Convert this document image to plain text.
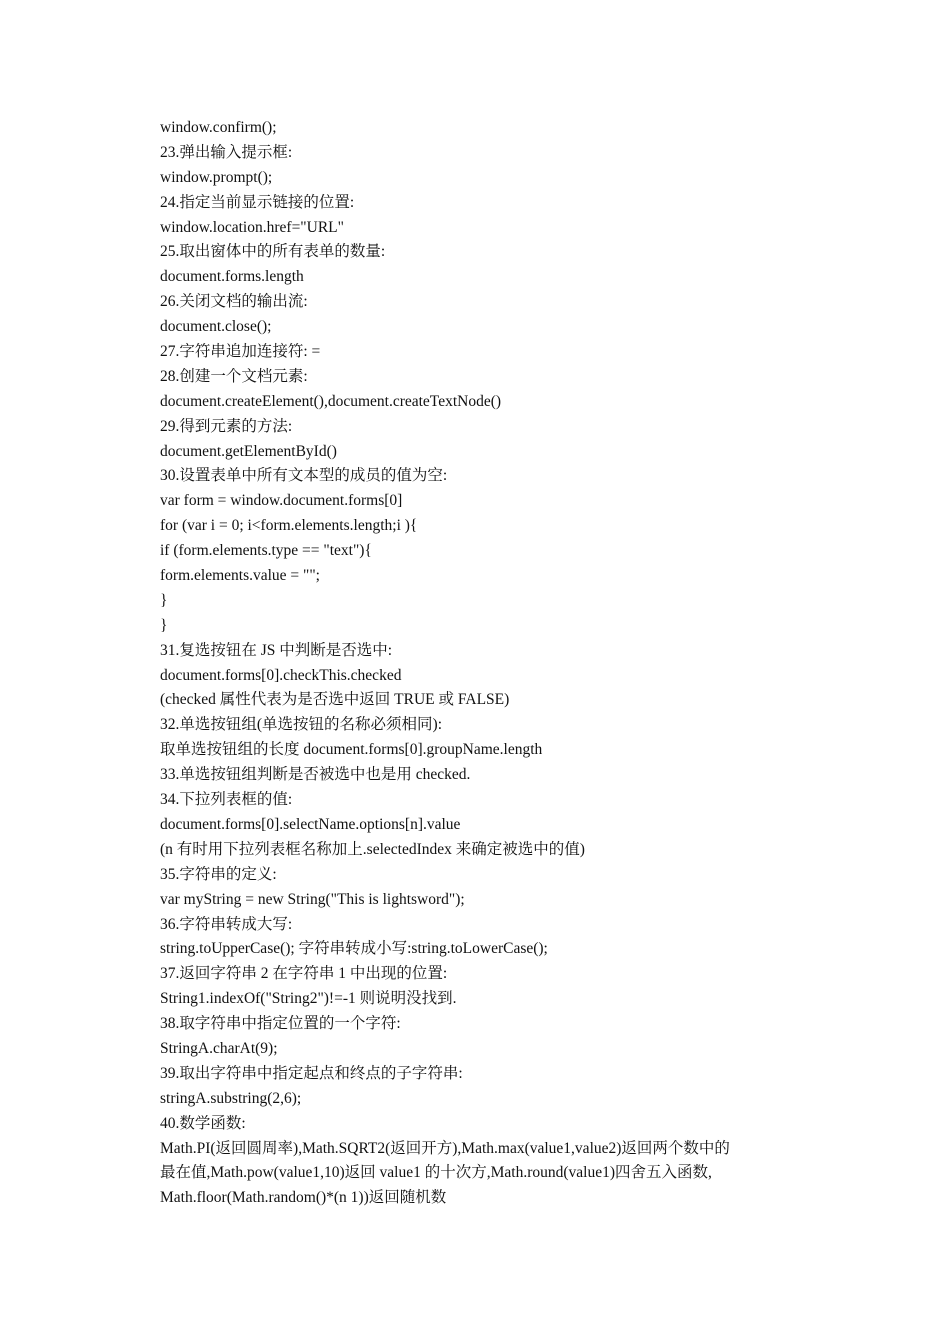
window.confirm();
23.弹出输入提示框:
window.prompt();
24.指定当前显示链接的位置:
window.location.href="URL"
25.取出窗体中的所有表单的数量:
document.forms.length
26.关闭文档的输出流:
document.close();
27.字符串追加连接符: =
28.创建一个文档元素:
document.createElement(),document.createTextNode()
29.得到元素的方法:
document.getElementById()
30.设置表单中所有文本型的成员的值为空:
var form = window.document.forms[0]
for (var i = 0; i<form.elements.length;i ){
if (form.elements.type == "text"){
form.elements.value = "";
}
}
31.复选按钮在 JS 中判断是否选中:
document.forms[0].checkThis.checked
(checked 属性代表为是否选中返回 TRUE 或 FALSE)
32.单选按钮组(单选按钮的名称必须相同):
取单选按钮组的长度 document.forms[0].groupName.length
33.单选按钮组判断是否被选中也是用 checked.
34.下拉列表框的值:
document.forms[0].selectName.options[n].value
(n 有时用下拉列表框名称加上.selectedIndex 来确定被选中的值)
35.字符串的定义:
var myString = new String("This is lightsword");
36.字符串转成大写:
string.toUpperCase(); 字符串转成小写:string.toLowerCase();
37.返回字符串 2 在字符串 1 中出现的位置:
String1.indexOf("String2")!=-1 则说明没找到.
38.取字符串中指定位置的一个字符:
StringA.charAt(9);
39.取出字符串中指定起点和终点的子字符串:
stringA.substring(2,6);
40.数学函数:
Math.PI(返回圆周率),Math.SQRT2(返回开方),Math.max(value1,value2)返回两个数中的
最在值,Math.pow(value1,10)返回 value1 的十次方,Math.round(value1)四舍五入函数,
Math.floor(Math.random()*(n 1))返回随机数
